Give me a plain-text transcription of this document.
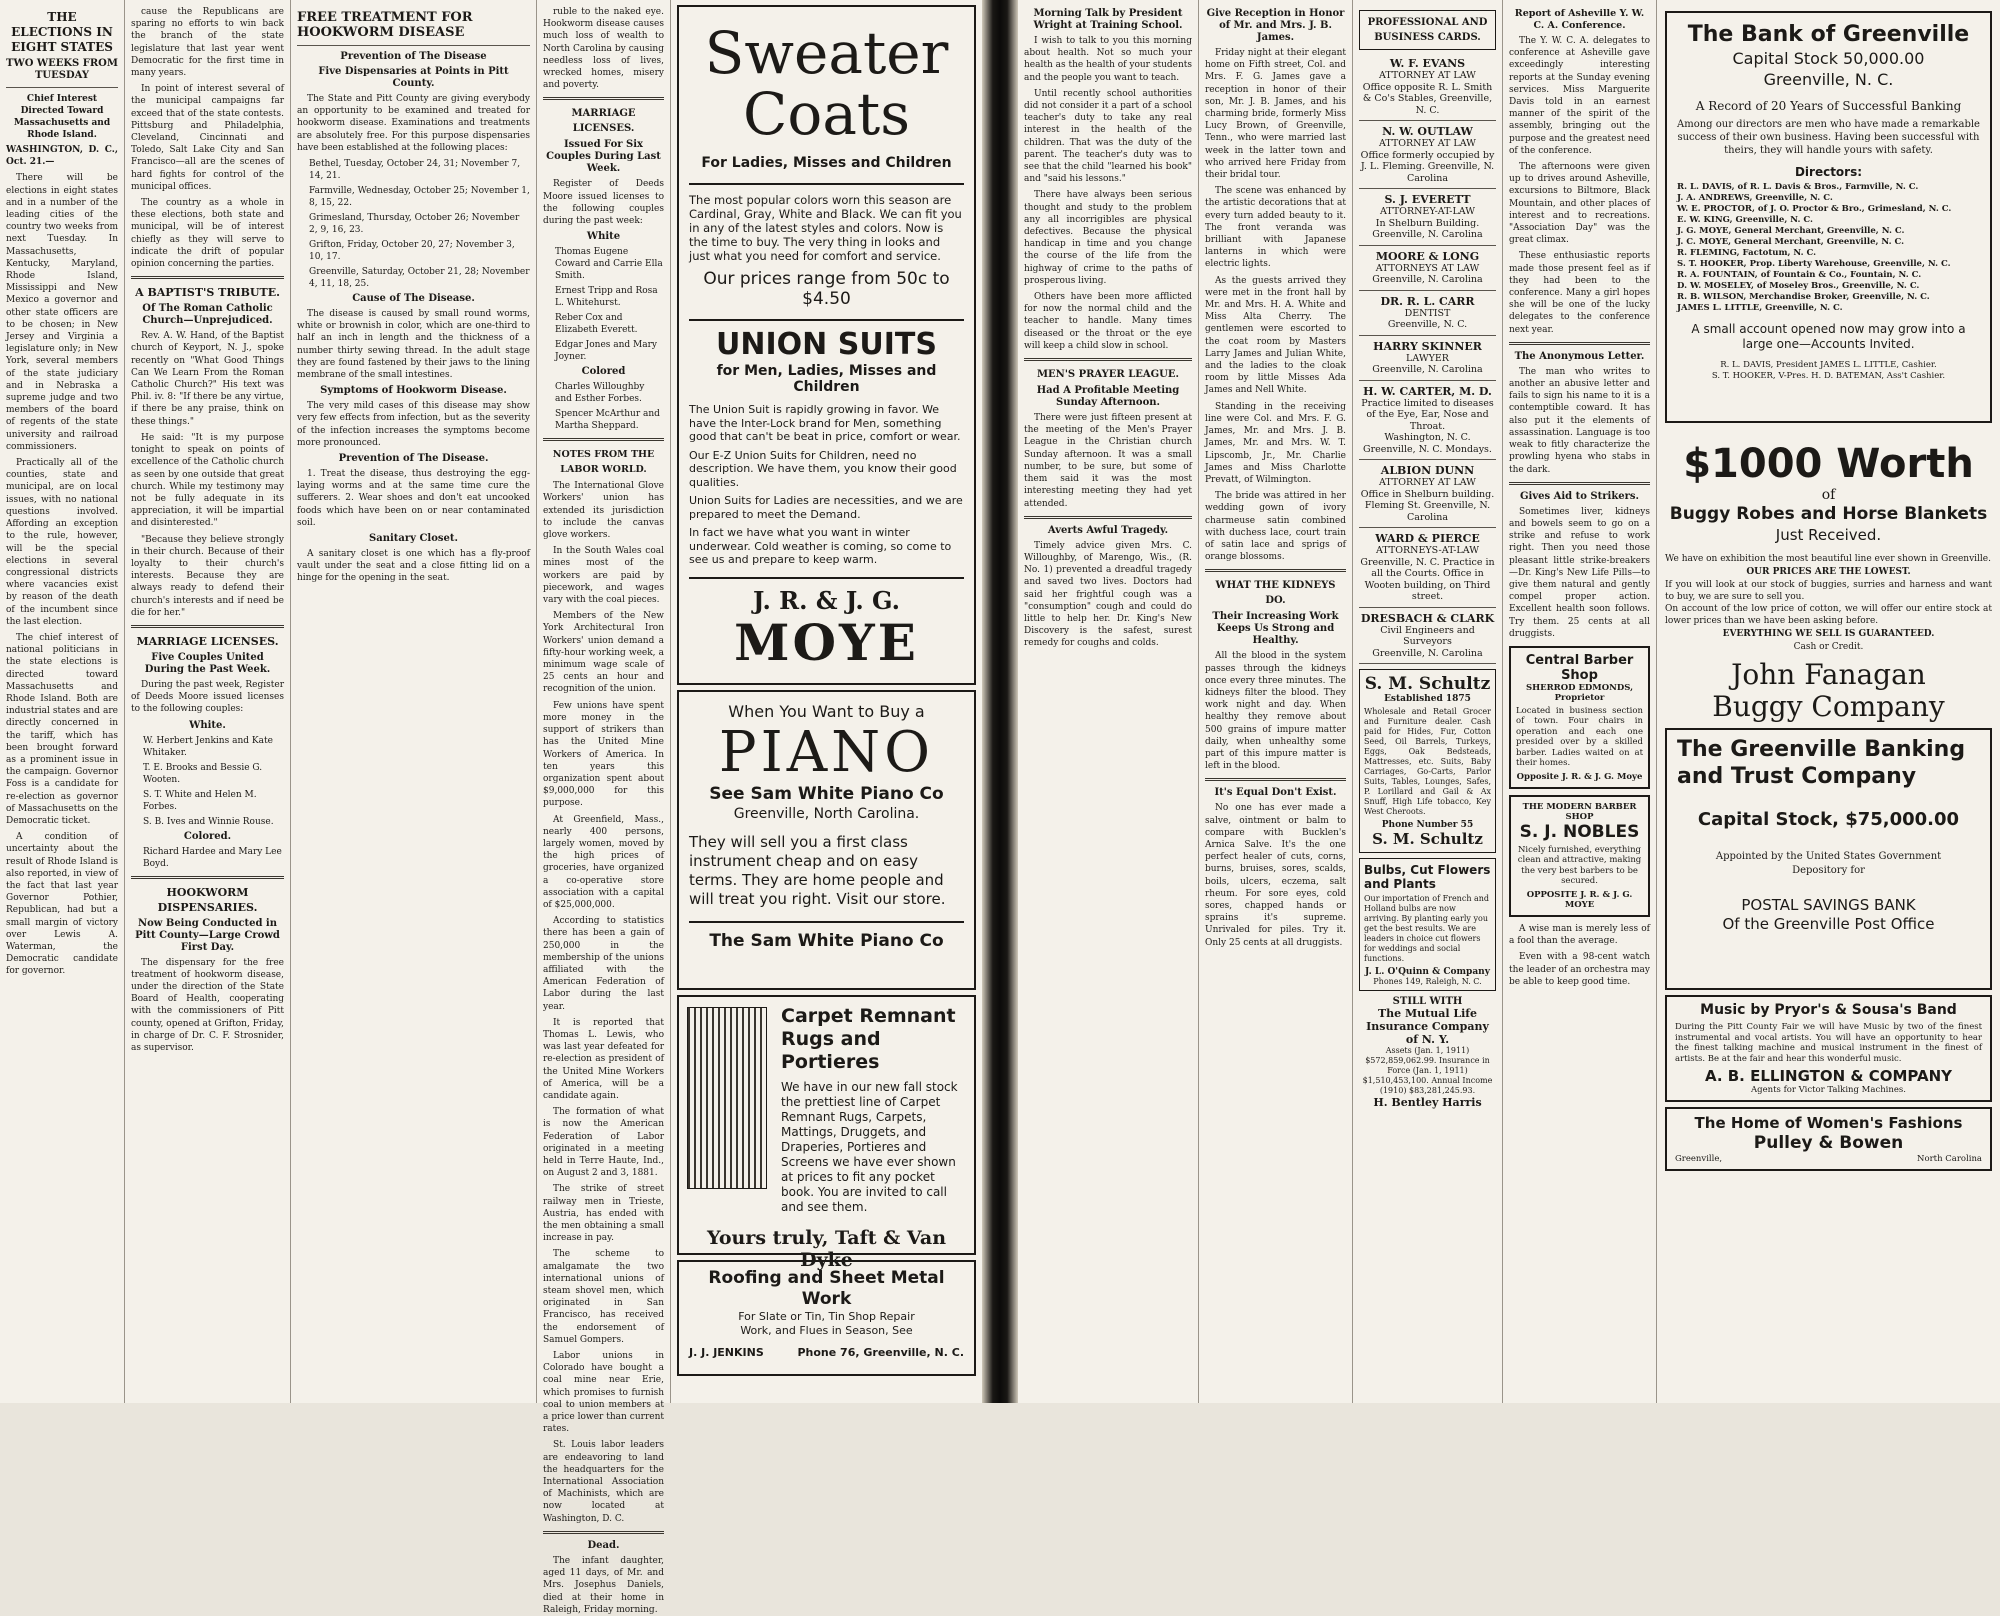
THE ELECTIONS IN EIGHT STATES
TWO WEEKS FROM TUESDAY
Chief Interest Directed Toward Massachusetts and Rhode Island.

WASHINGTON, D. C., Oct. 21.—

There will be elections in eight states and in a number of the leading cities of the country two weeks from next Tuesday. In Massachusetts, Kentucky, Maryland, Rhode Island, Mississippi and New Mexico a governor and other state officers are to be chosen; in New Jersey and Virginia a legislature only; in New York, several members of the state judiciary and in Nebraska a supreme judge and two members of the board of regents of the state university and railroad commissioners.

Practically all of the counties, state and municipal, are on local issues, with no national questions involved. Affording an exception to the rule, however, will be the special elections in several congressional districts where vacancies exist by reason of the death of the incumbent since the last election.

The chief interest of national politicians in the state elections is directed toward Massachusetts and Rhode Island. Both are industrial states and are directly concerned in the tariff, which has been brought forward as a prominent issue in the campaign. Governor Foss is a candidate for re-election as governor of Massachusetts on the Democratic ticket.

A condition of uncertainty about the result of Rhode Island is also reported, in view of the fact that last year Governor Pothier, Republican, had but a small margin of victory over Lewis A. Waterman, the Democratic candidate for governor.

cause the Republicans are sparing no efforts to win back the branch of the state legislature that last year went Democratic for the first time in many years.

In point of interest several of the municipal campaigns far exceed that of the state contests. Pittsburg and Philadelphia, Cleveland, Cincinnati and Toledo, Salt Lake City and San Francisco—all are the scenes of hard fights for control of the municipal offices.

The country as a whole in these elections, both state and municipal, will be of interest chiefly as they will serve to indicate the drift of popular opinion concerning the parties.

A BAPTIST'S TRIBUTE.
Of The Roman Catholic Church—Unprejudiced.

Rev. A. W. Hand, of the Baptist church of Keyport, N. J., spoke recently on "What Good Things Can We Learn From the Roman Catholic Church?" His text was Phil. iv. 8: "If there be any virtue, if there be any praise, think on these things."

He said: "It is my purpose tonight to speak on points of excellence of the Catholic church as seen by one outside that great church. While my testimony may not be fully adequate in its appreciation, it will be impartial and disinterested."

"Because they believe strongly in their church. Because of their loyalty to their church's interests. Because they are always ready to defend their church's interests and if need be die for her."

MARRIAGE LICENSES.
Five Couples United During the Past Week.

During the past week, Register of Deeds Moore issued licenses to the following couples:

White.
W. Herbert Jenkins and Kate Whitaker.
T. E. Brooks and Bessie G. Wooten.
S. T. White and Helen M. Forbes.
S. B. Ives and Winnie Rouse.
Colored.
Richard Hardee and Mary Lee Boyd.
HOOKWORM DISPENSARIES.
Now Being Conducted in Pitt County—Large Crowd First Day.

The dispensary for the free treatment of hookworm disease, under the direction of the State Board of Health, cooperating with the commissioners of Pitt county, opened at Grifton, Friday, in charge of Dr. C. F. Strosnider, as supervisor.

FREE TREATMENT FOR HOOKWORM DISEASE
Prevention of The Disease
Five Dispensaries at Points in Pitt County.

The State and Pitt County are giving everybody an opportunity to be examined and treated for hookworm disease. Examinations and treatments are absolutely free. For this purpose dispensaries have been established at the following places:

Bethel, Tuesday, October 24, 31; November 7, 14, 21.
Farmville, Wednesday, October 25; November 1, 8, 15, 22.
Grimesland, Thursday, October 26; November 2, 9, 16, 23.
Grifton, Friday, October 20, 27; November 3, 10, 17.
Greenville, Saturday, October 21, 28; November 4, 11, 18, 25.
Cause of The Disease.

The disease is caused by small round worms, white or brownish in color, which are one-third to half an inch in length and the thickness of a number thirty sewing thread. In the adult stage they are found fastened by their jaws to the lining membrane of the small intestines.

Symptoms of Hookworm Disease.

The very mild cases of this disease may show very few effects from infection, but as the severity of the infection increases the symptoms become more pronounced.

Prevention of The Disease.

1. Treat the disease, thus destroying the egg-laying worms and at the same time cure the sufferers. 2. Wear shoes and don't eat uncooked foods which have been on or near contaminated soil.

Sanitary Closet.

A sanitary closet is one which has a fly-proof vault under the seat and a close fitting lid on a hinge for the opening in the seat.

ruble to the naked eye. Hookworm disease causes much loss of wealth to North Carolina by causing needless loss of lives, wrecked homes, misery and poverty.

MARRIAGE LICENSES.
Issued For Six Couples During Last Week.

Register of Deeds Moore issued licenses to the following couples during the past week:

White
Thomas Eugene Coward and Carrie Ella Smith.
Ernest Tripp and Rosa L. Whitehurst.
Reber Cox and Elizabeth Everett.
Edgar Jones and Mary Joyner.
Colored
Charles Willoughby and Esther Forbes.
Spencer McArthur and Martha Sheppard.
NOTES FROM THE LABOR WORLD.

The International Glove Workers' union has extended its jurisdiction to include the canvas glove workers.

In the South Wales coal mines most of the workers are paid by piecework, and wages vary with the coal pieces.

Members of the New York Architectural Iron Workers' union demand a fifty-hour working week, a minimum wage scale of 25 cents an hour and recognition of the union.

Few unions have spent more money in the support of strikers than has the United Mine Workers of America. In ten years this organization spent about $9,000,000 for this purpose.

At Greenfield, Mass., nearly 400 persons, largely women, moved by the high prices of groceries, have organized a co-operative store association with a capital of $25,000,000.

According to statistics there has been a gain of 250,000 in the membership of the unions affiliated with the American Federation of Labor during the last year.

It is reported that Thomas L. Lewis, who was last year defeated for re-election as president of the United Mine Workers of America, will be a candidate again.

The formation of what is now the American Federation of Labor originated in a meeting held in Terre Haute, Ind., on August 2 and 3, 1881.

The strike of street railway men in Trieste, Austria, has ended with the men obtaining a small increase in pay.

The scheme to amalgamate the two international unions of steam shovel men, which originated in San Francisco, has received the endorsement of Samuel Gompers.

Labor unions in Colorado have bought a coal mine near Erie, which promises to furnish coal to union members at a price lower than current rates.

St. Louis labor leaders are endeavoring to land the headquarters for the International Association of Machinists, which are now located at Washington, D. C.

Dead.

The infant daughter, aged 11 days, of Mr. and Mrs. Josephus Daniels, died at their home in Raleigh, Friday morning.

Sweater
Coats
For Ladies, Misses and Children
The most popular colors worn this season are Cardinal, Gray, White and Black. We can fit you in any of the latest styles and colors. Now is the time to buy. The very thing in looks and just what you need for comfort and service.
Our prices range from 50c to $4.50
UNION SUITS
for Men, Ladies, Misses and Children
The Union Suit is rapidly growing in favor. We have the Inter-Lock brand for Men, something good that can't be beat in price, comfort or wear.
Our E-Z Union Suits for Children, need no description. We have them, you know their good qualities.
Union Suits for Ladies are necessities, and we are prepared to meet the Demand.
In fact we have what you want in winter underwear. Cold weather is coming, so come to see us and prepare to keep warm.
J. R. & J. G.
MOYE
When You Want to Buy a
PIANO
See Sam White Piano Co
Greenville, North Carolina.
They will sell you a first class instrument cheap and on easy terms. They are home people and will treat you right. Visit our store.
The Sam White Piano Co
Carpet Remnant Rugs and Portieres
We have in our new fall stock the prettiest line of Carpet Remnant Rugs, Carpets, Mattings, Druggets, and Draperies, Portieres and Screens we have ever shown at prices to fit any pocket book. You are invited to call and see them.
Yours truly, Taft & Van Dyke
Roofing and Sheet Metal Work
For Slate or Tin, Tin Shop Repair
Work, and Flues in Season, See
J. J. JENKINS	Phone 76, Greenville, N. C.
Morning Talk by President Wright at Training School.

I wish to talk to you this morning about health. Not so much your health as the health of your students and the people you want to teach.

Until recently school authorities did not consider it a part of a school teacher's duty to take any real interest in the health of the children. That was the duty of the parent. The teacher's duty was to see that the child "learned his book" and "said his lessons."

There have always been serious thought and study to the problem any all incorrigibles are physical defectives. Because the physical handicap in time and you change the course of the life from the highway of crime to the paths of prosperous living.

Others have been more afflicted for now the normal child and the teacher to handle. Many times diseased or the throat or the eye will keep a child slow in school.

MEN'S PRAYER LEAGUE.
Had A Profitable Meeting Sunday Afternoon.

There were just fifteen present at the meeting of the Men's Prayer League in the Christian church Sunday afternoon. It was a small number, to be sure, but some of them said it was the most interesting meeting they had yet attended.

Averts Awful Tragedy.

Timely advice given Mrs. C. Willoughby, of Marengo, Wis., (R. No. 1) prevented a dreadful tragedy and saved two lives. Doctors had said her frightful cough was a "consumption" cough and could do little to help her. Dr. King's New Discovery is the safest, surest remedy for coughs and colds.

Give Reception in Honor of Mr. and Mrs. J. B. James.

Friday night at their elegant home on Fifth street, Col. and Mrs. F. G. James gave a reception in honor of their son, Mr. J. B. James, and his charming bride, formerly Miss Lucy Brown, of Greenville, Tenn., who were married last week in the latter town and who arrived here Friday from their bridal tour.

The scene was enhanced by the artistic decorations that at every turn added beauty to it. The front veranda was brilliant with Japanese lanterns in which were electric lights.

As the guests arrived they were met in the front hall by Mr. and Mrs. H. A. White and Miss Alta Cherry. The gentlemen were escorted to the coat room by Masters Larry James and Julian White, and the ladies to the cloak room by little Misses Ada James and Nell White.

Standing in the receiving line were Col. and Mrs. F. G. James, Mr. and Mrs. J. B. James, Mr. and Mrs. W. T. Lipscomb, Jr., Mr. Charlie James and Miss Charlotte Prevatt, of Wilmington.

The bride was attired in her wedding gown of ivory charmeuse satin combined with duchess lace, court train of satin lace and sprigs of orange blossoms.

WHAT THE KIDNEYS DO.
Their Increasing Work Keeps Us Strong and Healthy.

All the blood in the system passes through the kidneys once every three minutes. The kidneys filter the blood. They work night and day. When healthy they remove about 500 grains of impure matter daily, when unhealthy some part of this impure matter is left in the blood.

It's Equal Don't Exist.

No one has ever made a salve, ointment or balm to compare with Bucklen's Arnica Salve. It's the one perfect healer of cuts, corns, burns, bruises, sores, scalds, boils, ulcers, eczema, salt rheum. For sore eyes, cold sores, chapped hands or sprains it's supreme. Unrivaled for piles. Try it. Only 25 cents at all druggists.

PROFESSIONAL AND BUSINESS CARDS.
W. F. EVANS
ATTORNEY AT LAW
Office opposite R. L. Smith & Co's Stables, Greenville, N. C.
N. W. OUTLAW
ATTORNEY AT LAW
Office formerly occupied by J. L. Fleming. Greenville, N. Carolina
S. J. EVERETT
ATTORNEY-AT-LAW
In Shelburn Building. Greenville, N. Carolina
MOORE & LONG
ATTORNEYS AT LAW
Greenville, N. Carolina
DR. R. L. CARR
DENTIST
Greenville, N. C.
HARRY SKINNER
LAWYER
Greenville, N. Carolina
H. W. CARTER, M. D.
Practice limited to diseases of the Eye, Ear, Nose and Throat.
Washington, N. C. Greenville, N. C. Mondays.
ALBION DUNN
ATTORNEY AT LAW
Office in Shelburn building. Fleming St. Greenville, N. Carolina
WARD & PIERCE
ATTORNEYS-AT-LAW
Greenville, N. C. Practice in all the Courts. Office in Wooten building, on Third street.
DRESBACH & CLARK
Civil Engineers and Surveyors
Greenville, N. Carolina
S. M. Schultz
Established 1875
Wholesale and Retail Grocer and Furniture dealer. Cash paid for Hides, Fur, Cotton Seed, Oil Barrels, Turkeys, Eggs, Oak Bedsteads, Mattresses, etc. Suits, Baby Carriages, Go-Carts, Parlor Suits, Tables, Lounges, Safes, P. Lorillard and Gail & Ax Snuff, High Life tobacco, Key West Cheroots.
Phone Number 55
S. M. Schultz
Bulbs, Cut Flowers and Plants
Our importation of French and Holland bulbs are now arriving. By planting early you get the best results. We are leaders in choice cut flowers for weddings and social functions.
J. L. O'Quinn & Company
Phones 149, Raleigh, N. C.
STILL WITH
The Mutual Life Insurance Company of N. Y.
Assets (Jan. 1, 1911) $572,859,062.99. Insurance in Force (Jan. 1, 1911) $1,510,453,100. Annual Income (1910) $83,281,245.93.
H. Bentley Harris
Report of Asheville Y. W. C. A. Conference.

The Y. W. C. A. delegates to conference at Asheville gave exceedingly interesting reports at the Sunday evening services. Miss Marguerite Davis told in an earnest manner of the spirit of the assembly, bringing out the purpose and the greatest need of the conference.

The afternoons were given up to drives around Asheville, excursions to Biltmore, Black Mountain, and other places of interest and to recreations. "Association Day" was the great climax.

These enthusiastic reports made those present feel as if they had been to the conference. Many a girl hopes she will be one of the lucky delegates to the conference next year.

The Anonymous Letter.

The man who writes to another an abusive letter and fails to sign his name to it is a contemptible coward. It has also put it the elements of assassination. Language is too weak to fitly characterize the prowling hyena who stabs in the dark.

Gives Aid to Strikers.

Sometimes liver, kidneys and bowels seem to go on a strike and refuse to work right. Then you need those pleasant little strike-breakers—Dr. King's New Life Pills—to give them natural and gently compel proper action. Excellent health soon follows. Try them. 25 cents at all druggists.

Central Barber Shop
SHERROD EDMONDS, Proprietor
Located in business section of town. Four chairs in operation and each one presided over by a skilled barber. Ladies waited on at their homes.
Opposite J. R. & J. G. Moye
THE MODERN BARBER SHOP
S. J. NOBLES
Nicely furnished, everything clean and attractive, making the very best barbers to be secured.
OPPOSITE J. R. & J. G. MOYE

A wise man is merely less of a fool than the average.

Even with a 98-cent watch the leader of an orchestra may be able to keep good time.

The Bank of Greenville
Capital Stock 50,000.00
Greenville, N. C.
A Record of 20 Years of Successful Banking
Among our directors are men who have made a remarkable success of their own business. Having been successful with theirs, they will handle yours with safety.
Directors:
R. L. DAVIS, of R. L. Davis & Bros., Farmville, N. C.
J. A. ANDREWS, Greenville, N. C.
W. E. PROCTOR, of J. O. Proctor & Bro., Grimesland, N. C.
E. W. KING, Greenville, N. C.
J. G. MOYE, General Merchant, Greenville, N. C.
J. C. MOYE, General Merchant, Greenville, N. C.
R. FLEMING, Factotum, N. C.
S. T. HOOKER, Prop. Liberty Warehouse, Greenville, N. C.
R. A. FOUNTAIN, of Fountain & Co., Fountain, N. C.
D. W. MOSELEY, of Moseley Bros., Greenville, N. C.
R. B. WILSON, Merchandise Broker, Greenville, N. C.
JAMES L. LITTLE, Greenville, N. C.
A small account opened now may grow into a large one—Accounts Invited.
R. L. DAVIS, President JAMES L. LITTLE, Cashier.
S. T. HOOKER, V-Pres. H. D. BATEMAN, Ass't Cashier.
$1000 Worth
of
Buggy Robes and Horse Blankets
Just Received.
We have on exhibition the most beautiful line ever shown in Greenville.
OUR PRICES ARE THE LOWEST.
If you will look at our stock of buggies, surries and harness and want to buy, we are sure to sell you.
On account of the low price of cotton, we will offer our entire stock at lower prices than we have been asking before.
EVERYTHING WE SELL IS GUARANTEED.
Cash or Credit.
John Fanagan
Buggy Company
The Greenville Banking
and Trust Company
Capital Stock, $75,000.00
Appointed by the United States Government
Depository for
POSTAL SAVINGS BANK
Of the Greenville Post Office
Music by Pryor's & Sousa's Band
During the Pitt County Fair we will have Music by two of the finest instrumental and vocal artists. You will have an opportunity to hear the finest talking machine and musical instrument in the finest of artists. Be at the fair and hear this wonderful music.
A. B. ELLINGTON & COMPANY
Agents for Victor Talking Machines.
The Home of Women's Fashions
Pulley & Bowen
Greenville,	North Carolina
